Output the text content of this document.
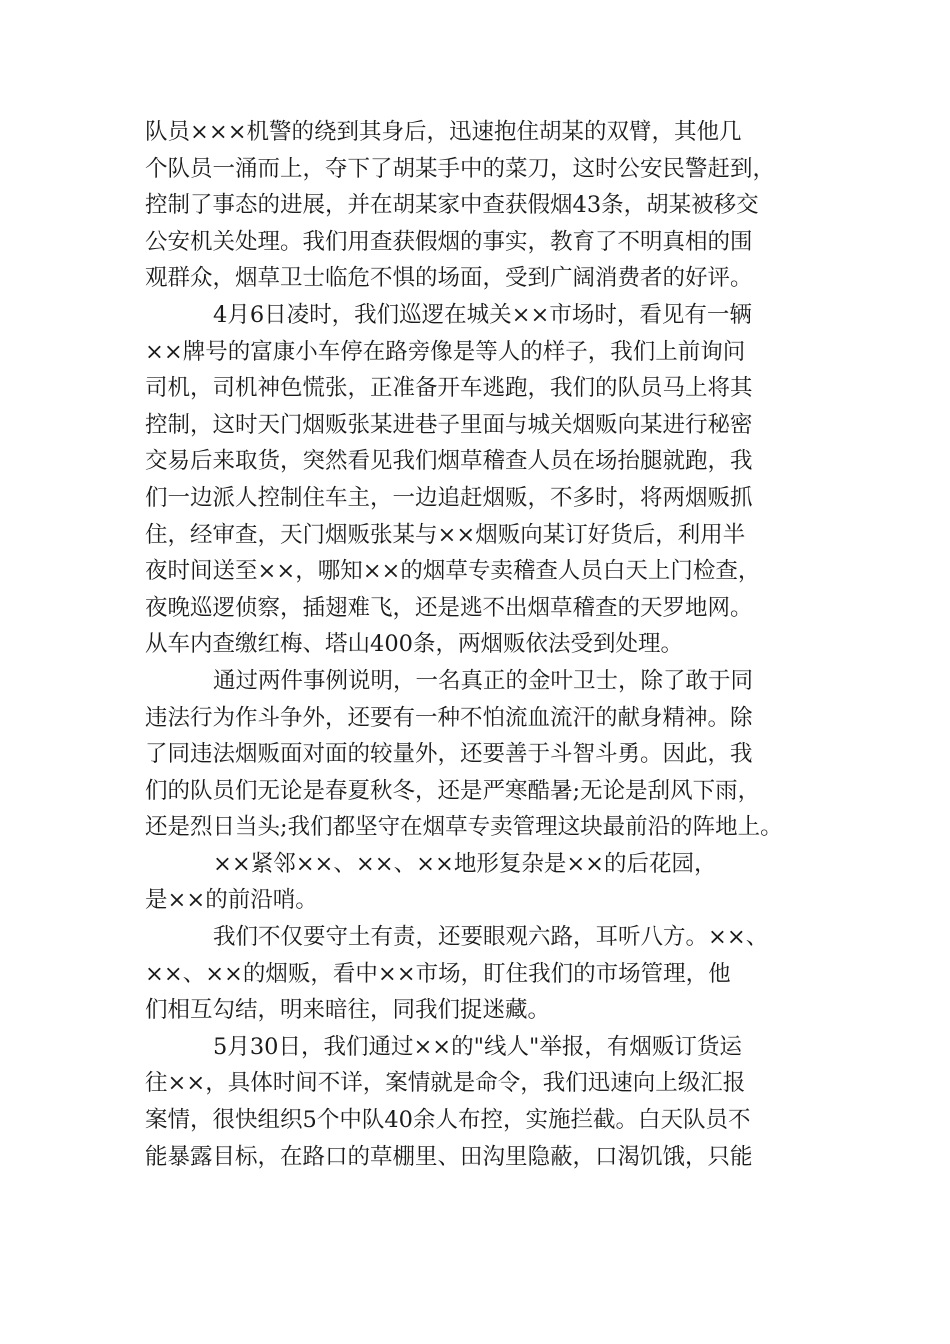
队员×××机警的绕到其身后，迅速抱住胡某的双臂，其他几
个队员一涌而上，夺下了胡某手中的菜刀，这时公安民警赶到，
控制了事态的进展，并在胡某家中查获假烟43条，胡某被移交
公安机关处理。我们用查获假烟的事实，教育了不明真相的围
观群众，烟草卫士临危不惧的场面，受到广阔消费者的好评。
4月6日凌时，我们巡逻在城关××市场时，看见有一辆
××牌号的富康小车停在路旁像是等人的样子，我们上前询问
司机，司机神色慌张，正准备开车逃跑，我们的队员马上将其
控制，这时天门烟贩张某进巷子里面与城关烟贩向某进行秘密
交易后来取货，突然看见我们烟草稽查人员在场抬腿就跑，我
们一边派人控制住车主，一边追赶烟贩，不多时，将两烟贩抓
住，经审查，天门烟贩张某与××烟贩向某订好货后，利用半
夜时间送至××，哪知××的烟草专卖稽查人员白天上门检查，
夜晚巡逻侦察，插翅难飞，还是逃不出烟草稽查的天罗地网。
从车内查缴红梅、塔山400条，两烟贩依法受到处理。
通过两件事例说明，一名真正的金叶卫士，除了敢于同
违法行为作斗争外，还要有一种不怕流血流汗的献身精神。除
了同违法烟贩面对面的较量外，还要善于斗智斗勇。因此，我
们的队员们无论是春夏秋冬，还是严寒酷暑;无论是刮风下雨，
还是烈日当头;我们都坚守在烟草专卖管理这块最前沿的阵地上。
××紧邻××、××、××地形复杂是××的后花园，
是××的前沿哨。
我们不仅要守土有责，还要眼观六路，耳听八方。××、
××、××的烟贩，看中××市场，盯住我们的市场管理，他
们相互勾结，明来暗往，同我们捉迷藏。
5月30日，我们通过××的"线人"举报，有烟贩订货运
往××，具体时间不详，案情就是命令，我们迅速向上级汇报
案情，很快组织5个中队40余人布控，实施拦截。白天队员不
能暴露目标，在路口的草棚里、田沟里隐蔽，口渴饥饿，只能
